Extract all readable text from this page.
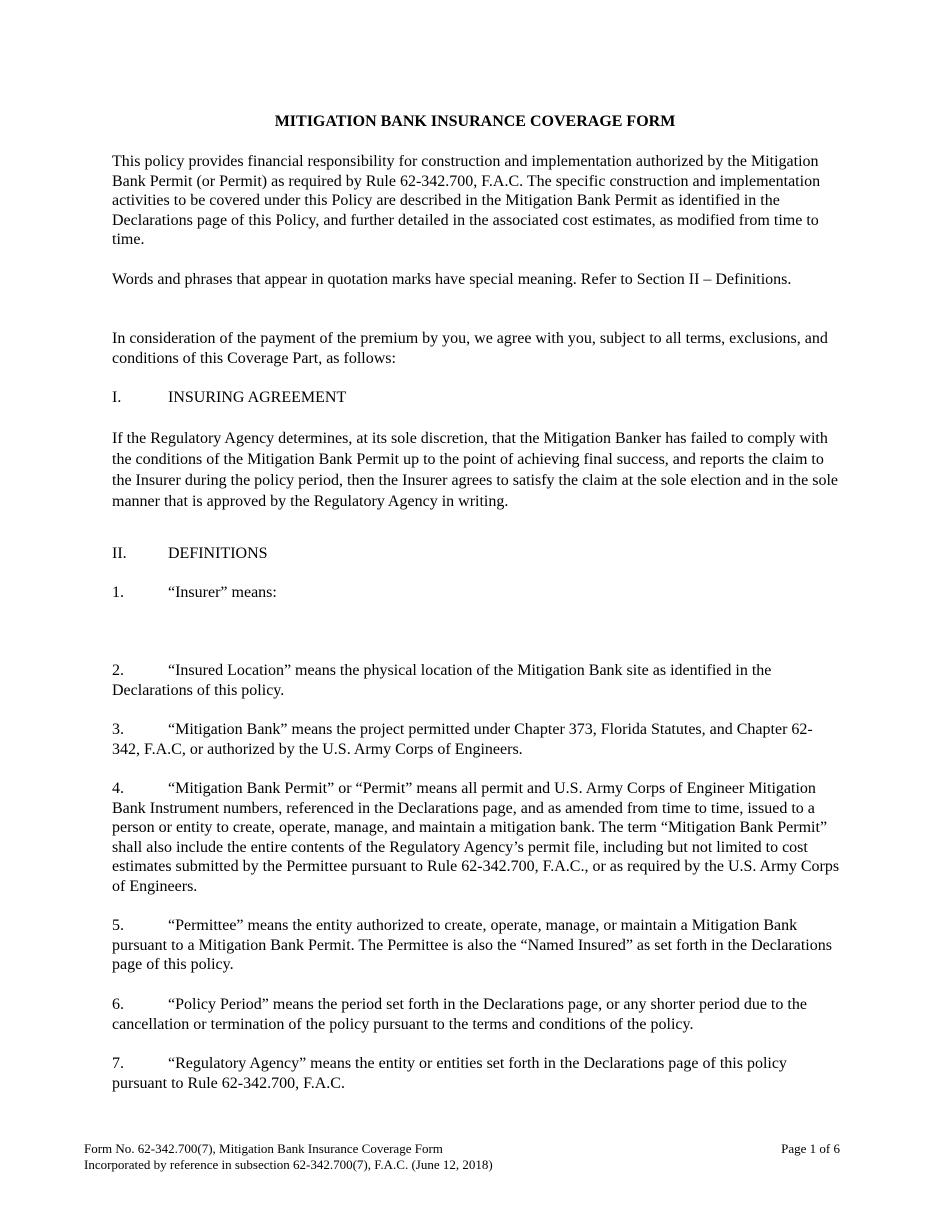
MITIGATION BANK INSURANCE COVERAGE FORM

This policy provides financial responsibility for construction and implementation authorized by the Mitigation Bank Permit (or Permit) as required by Rule 62-342.700, F.A.C. The specific construction and implementation activities to be covered under this Policy are described in the Mitigation Bank Permit as identified in the Declarations page of this Policy, and further detailed in the associated cost estimates, as modified from time to time.

Words and phrases that appear in quotation marks have special meaning. Refer to Section II – Definitions.

In consideration of the payment of the premium by you, we agree with you, subject to all terms, exclusions, and conditions of this Coverage Part, as follows:

I.	INSURING AGREEMENT

If the Regulatory Agency determines, at its sole discretion, that the Mitigation Banker has failed to comply with the conditions of the Mitigation Bank Permit up to the point of achieving final success, and reports the claim to the Insurer during the policy period, then the Insurer agrees to satisfy the claim at the sole election and in the sole manner that is approved by the Regulatory Agency in writing.

II.	DEFINITIONS

1.	“Insurer” means:

2.	“Insured Location” means the physical location of the Mitigation Bank site as identified in the Declarations of this policy.

3.	“Mitigation Bank” means the project permitted under Chapter 373, Florida Statutes, and Chapter 62-342, F.A.C, or authorized by the U.S. Army Corps of Engineers.

4.	“Mitigation Bank Permit” or “Permit” means all permit and U.S. Army Corps of Engineer Mitigation Bank Instrument numbers, referenced in the Declarations page, and as amended from time to time, issued to a person or entity to create, operate, manage, and maintain a mitigation bank. The term “Mitigation Bank Permit” shall also include the entire contents of the Regulatory Agency’s permit file, including but not limited to cost estimates submitted by the Permittee pursuant to Rule 62-342.700, F.A.C., or as required by the U.S. Army Corps of Engineers.

5.	“Permittee” means the entity authorized to create, operate, manage, or maintain a Mitigation Bank pursuant to a Mitigation Bank Permit. The Permittee is also the “Named Insured” as set forth in the Declarations page of this policy.

6.	“Policy Period” means the period set forth in the Declarations page, or any shorter period due to the cancellation or termination of the policy pursuant to the terms and conditions of the policy.

7.	“Regulatory Agency” means the entity or entities set forth in the Declarations page of this policy pursuant to Rule 62-342.700, F.A.C.

Form No. 62-342.700(7), Mitigation Bank Insurance Coverage Form
Incorporated by reference in subsection 62-342.700(7), F.A.C. (June 12, 2018)
Page 1 of 6
